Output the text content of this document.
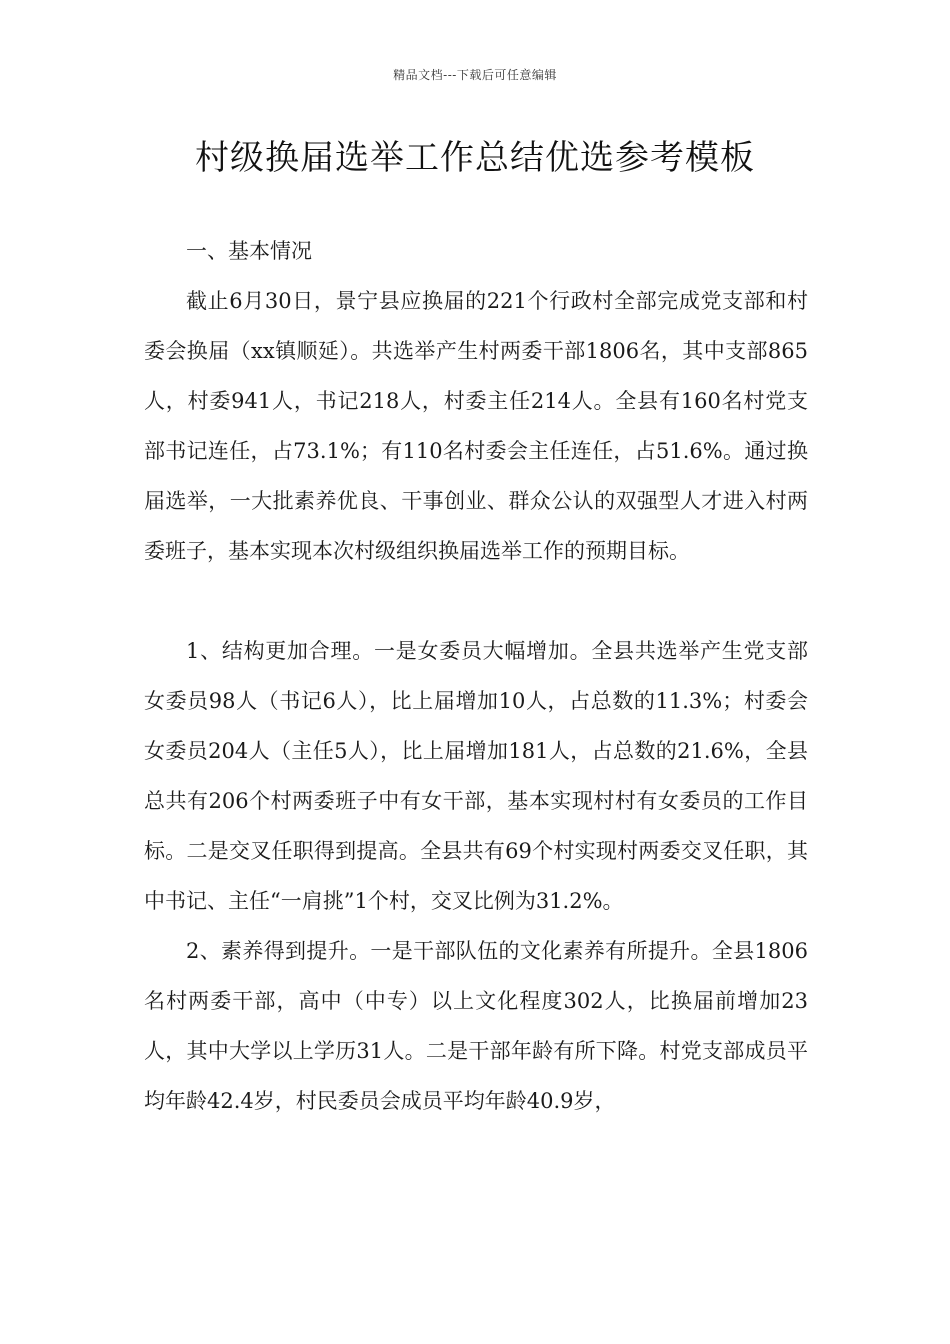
精品文档---下载后可任意编辑
村级换届选举工作总结优选参考模板

一、基本情况

截止6月30日，景宁县应换届的221个行政村全部完成党支部和村委会换届（xx镇顺延）。共选举产生村两委干部1806名，其中支部865人，村委941人，书记218人，村委主任214人。全县有160名村党支部书记连任，占73.1%；有110名村委会主任连任，占51.6%。通过换届选举，一大批素养优良、干事创业、群众公认的双强型人才进入村两委班子，基本实现本次村级组织换届选举工作的预期目标。

1、结构更加合理。一是女委员大幅增加。全县共选举产生党支部女委员98人（书记6人），比上届增加10人，占总数的11.3%；村委会女委员204人（主任5人），比上届增加181人，占总数的21.6%，全县总共有206个村两委班子中有女干部，基本实现村村有女委员的工作目标。二是交叉任职得到提高。全县共有69个村实现村两委交叉任职，其中书记、主任“一肩挑”1个村，交叉比例为31.2%。

2、素养得到提升。一是干部队伍的文化素养有所提升。全县1806名村两委干部，高中（中专）以上文化程度302人，比换届前增加23人，其中大学以上学历31人。二是干部年龄有所下降。村党支部成员平均年龄42.4岁，村民委员会成员平均年龄40.9岁，
